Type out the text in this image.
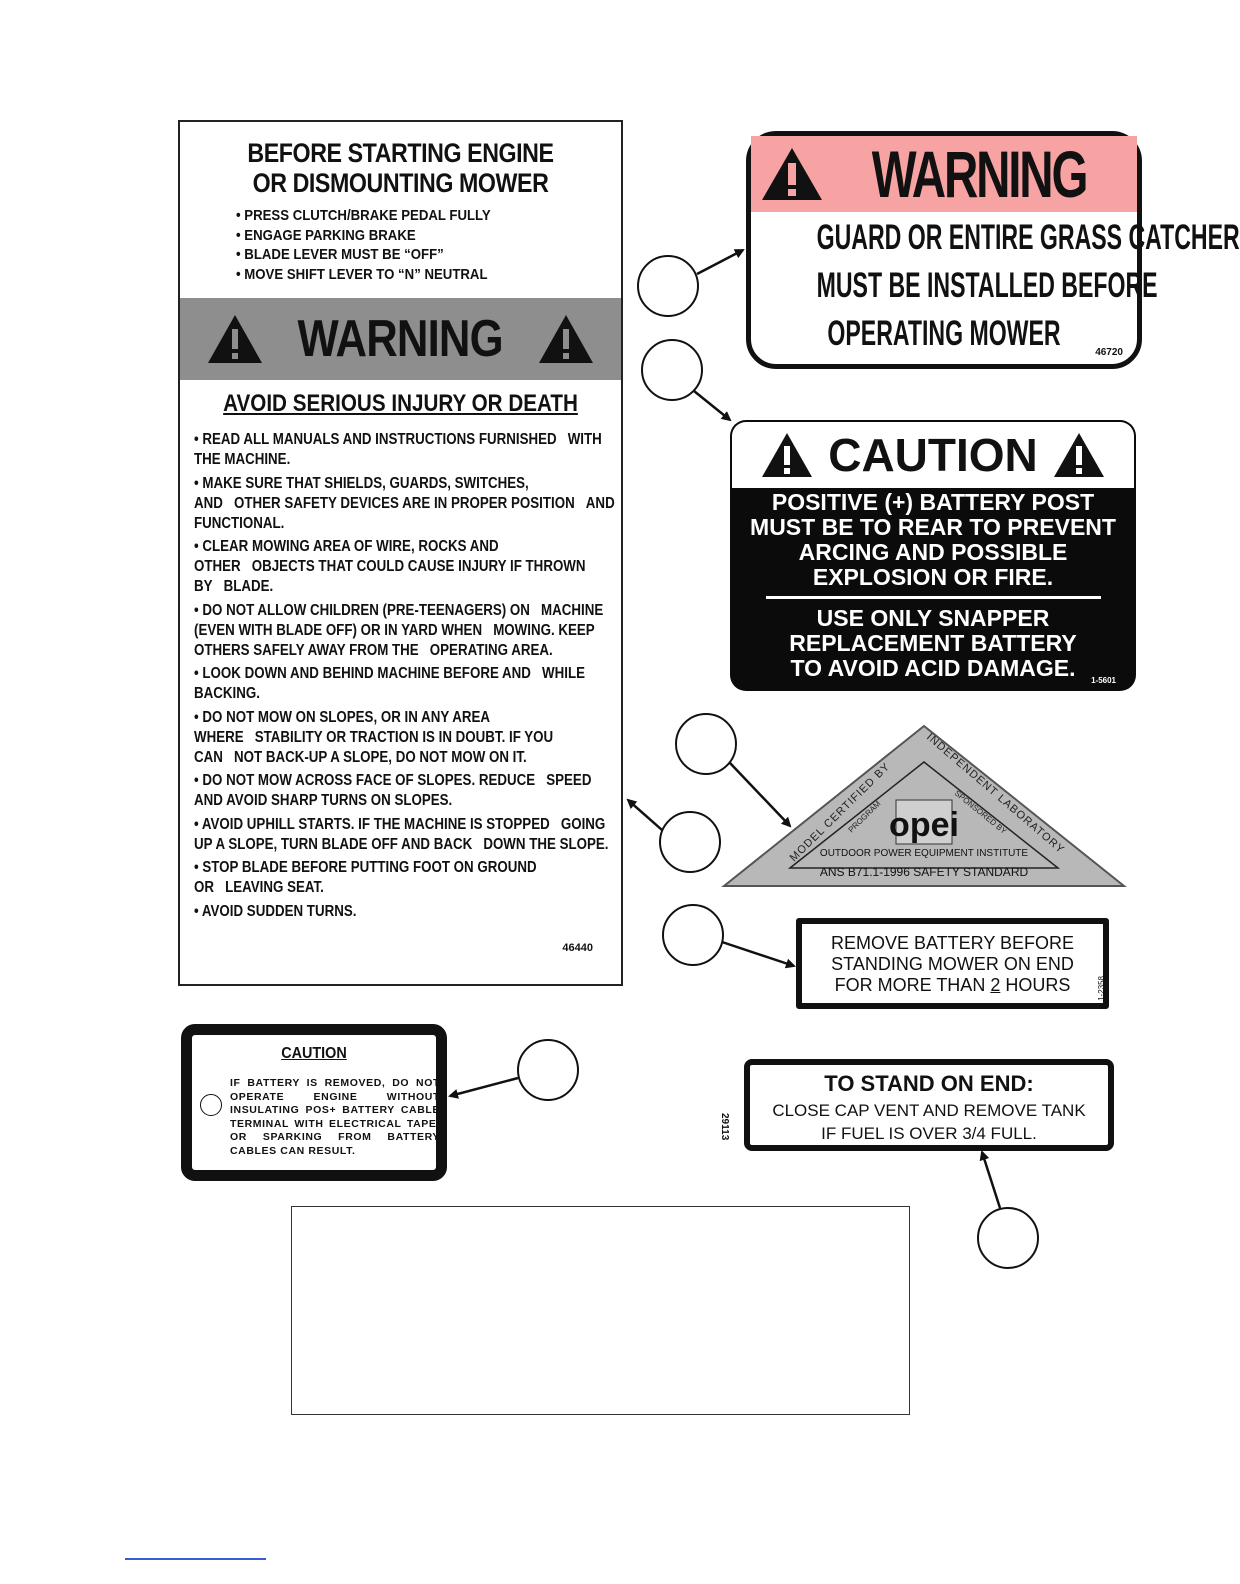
BEFORE STARTING ENGINE
OR DISMOUNTING MOWER
• PRESS CLUTCH/BRAKE PEDAL FULLY
• ENGAGE PARKING BRAKE
• BLADE LEVER MUST BE “OFF”
• MOVE SHIFT LEVER TO “N” NEUTRAL
WARNING
AVOID SERIOUS INJURY OR DEATH
• READ ALL MANUALS AND INSTRUCTIONS FURNISHED   WITH THE MACHINE.
• MAKE SURE THAT SHIELDS, GUARDS, SWITCHES, AND   OTHER SAFETY DEVICES ARE IN PROPER POSITION   AND FUNCTIONAL.
• CLEAR MOWING AREA OF WIRE, ROCKS AND OTHER   OBJECTS THAT COULD CAUSE INJURY IF THROWN BY   BLADE.
• DO NOT ALLOW CHILDREN (PRE-TEENAGERS) ON   MACHINE (EVEN WITH BLADE OFF) OR IN YARD WHEN   MOWING. KEEP OTHERS SAFELY AWAY FROM THE   OPERATING AREA.
• LOOK DOWN AND BEHIND MACHINE BEFORE AND   WHILE BACKING.
• DO NOT MOW ON SLOPES, OR IN ANY AREA WHERE   STABILITY OR TRACTION IS IN DOUBT. IF YOU CAN   NOT BACK-UP A SLOPE, DO NOT MOW ON IT.
• DO NOT MOW ACROSS FACE OF SLOPES. REDUCE   SPEED AND AVOID SHARP TURNS ON SLOPES.
• AVOID UPHILL STARTS. IF THE MACHINE IS STOPPED   GOING UP A SLOPE, TURN BLADE OFF AND BACK   DOWN THE SLOPE.
• STOP BLADE BEFORE PUTTING FOOT ON GROUND OR   LEAVING SEAT.
• AVOID SUDDEN TURNS.
46440
WARNING
GUARD OR ENTIRE GRASS CATCHER
MUST BE INSTALLED BEFORE
OPERATING MOWER	46720
CAUTION
POSITIVE (+) BATTERY POST
MUST BE TO REAR TO PREVENT
ARCING AND POSSIBLE
EXPLOSION OR FIRE.
USE ONLY SNAPPER
REPLACEMENT BATTERY
TO AVOID ACID DAMAGE.	1-5601
MODEL CERTIFIED BY
INDEPENDENT LABORATORY
PROGRAM
SPONSORED BY
opei
OUTDOOR POWER EQUIPMENT INSTITUTE
ANS B71.1-1996 SAFETY STANDARD
REMOVE BATTERY BEFORE
STANDING MOWER ON END
FOR MORE THAN 2 HOURS	1-2358
CAUTION
IF BATTERY IS REMOVED, DO NOT OPERATE ENGINE WITHOUT INSULATING POS+ BATTERY CABLE TERMINAL WITH ELECTRICAL TAPE, OR SPARKING FROM BATTERY CABLES CAN RESULT.
TO STAND ON END:
CLOSE CAP VENT AND REMOVE TANK
IF FUEL IS OVER 3/4 FULL.
29113
